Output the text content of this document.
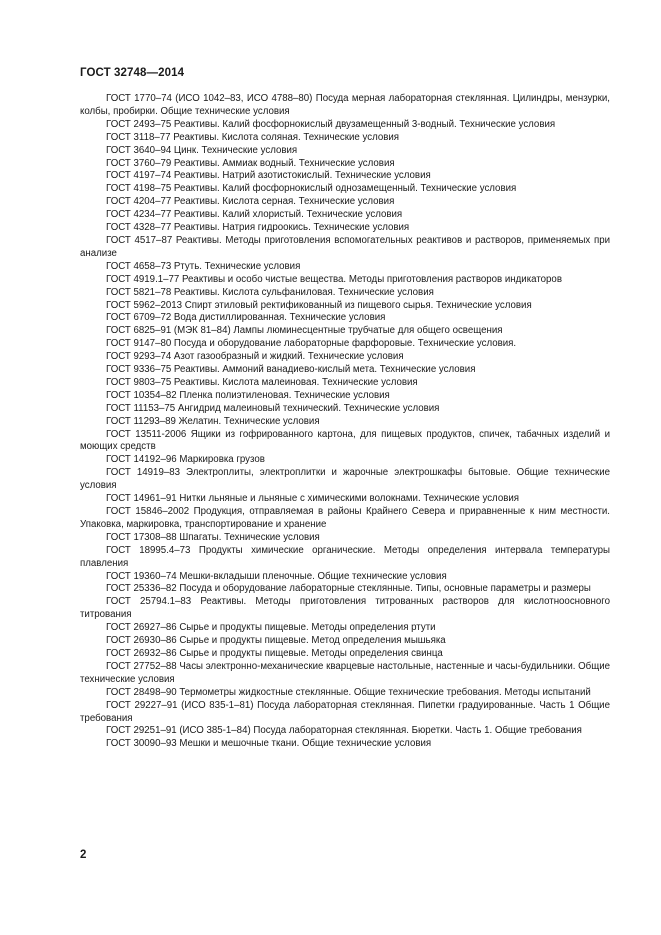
ГОСТ 32748—2014
ГОСТ 1770–74 (ИСО 1042–83, ИСО 4788–80) Посуда мерная лабораторная стеклянная. Цилиндры, мензурки, колбы, пробирки. Общие технические условия
ГОСТ 2493–75 Реактивы. Калий фосфорнокислый двузамещенный 3-водный. Технические условия
ГОСТ 3118–77 Реактивы. Кислота соляная. Технические условия
ГОСТ 3640–94 Цинк. Технические условия
ГОСТ 3760–79 Реактивы. Аммиак водный. Технические условия
ГОСТ 4197–74 Реактивы. Натрий азотистокислый. Технические условия
ГОСТ 4198–75 Реактивы. Калий фосфорнокислый однозамещенный. Технические условия
ГОСТ 4204–77 Реактивы. Кислота серная. Технические условия
ГОСТ 4234–77 Реактивы. Калий хлористый. Технические условия
ГОСТ 4328–77 Реактивы. Натрия гидроокись. Технические условия
ГОСТ 4517–87 Реактивы. Методы приготовления вспомогательных реактивов и растворов, применяемых при анализе
ГОСТ 4658–73 Ртуть. Технические условия
ГОСТ 4919.1–77 Реактивы и особо чистые вещества. Методы приготовления растворов индикаторов
ГОСТ 5821–78 Реактивы. Кислота сульфаниловая. Технические условия
ГОСТ 5962–2013 Спирт этиловый ректификованный из пищевого сырья. Технические условия
ГОСТ 6709–72 Вода дистиллированная. Технические условия
ГОСТ 6825–91 (МЭК 81–84) Лампы люминесцентные трубчатые для общего освещения
ГОСТ 9147–80 Посуда и оборудование лабораторные фарфоровые. Технические условия.
ГОСТ 9293–74 Азот газообразный и жидкий. Технические условия
ГОСТ 9336–75 Реактивы. Аммоний ванадиево-кислый мета. Технические условия
ГОСТ 9803–75 Реактивы. Кислота малеиновая. Технические условия
ГОСТ 10354–82 Пленка полиэтиленовая. Технические условия
ГОСТ 11153–75 Ангидрид малеиновый технический. Технические условия
ГОСТ 11293–89 Желатин. Технические условия
ГОСТ 13511-2006 Ящики из гофрированного картона, для пищевых продуктов, спичек, табачных изделий и моющих средств
ГОСТ 14192–96 Маркировка грузов
ГОСТ 14919–83 Электроплиты, электроплитки и жарочные электрошкафы бытовые. Общие технические условия
ГОСТ 14961–91 Нитки льняные и льняные с химическими волокнами. Технические условия
ГОСТ 15846–2002 Продукция, отправляемая в районы Крайнего Севера и приравненные к ним местности. Упаковка, маркировка, транспортирование и хранение
ГОСТ 17308–88 Шпагаты. Технические условия
ГОСТ 18995.4–73 Продукты химические органические. Методы определения интервала температуры плавления
ГОСТ 19360–74 Мешки-вкладыши пленочные. Общие технические условия
ГОСТ 25336–82 Посуда и оборудование лабораторные стеклянные. Типы, основные параметры и размеры
ГОСТ 25794.1–83 Реактивы. Методы приготовления титрованных растворов для кислотноосновного титрования
ГОСТ 26927–86 Сырье и продукты пищевые. Методы определения ртути
ГОСТ 26930–86 Сырье и продукты пищевые. Метод определения мышьяка
ГОСТ 26932–86 Сырье и продукты пищевые. Методы определения свинца
ГОСТ 27752–88 Часы электронно-механические кварцевые настольные, настенные и часы-будильники. Общие технические условия
ГОСТ 28498–90 Термометры жидкостные стеклянные. Общие технические требования. Методы испытаний
ГОСТ 29227–91 (ИСО 835-1–81) Посуда лабораторная стеклянная. Пипетки градуированные. Часть 1 Общие требования
ГОСТ 29251–91 (ИСО 385-1–84) Посуда лабораторная стеклянная. Бюретки. Часть 1. Общие требования
ГОСТ 30090–93 Мешки и мешочные ткани. Общие технические условия
2
